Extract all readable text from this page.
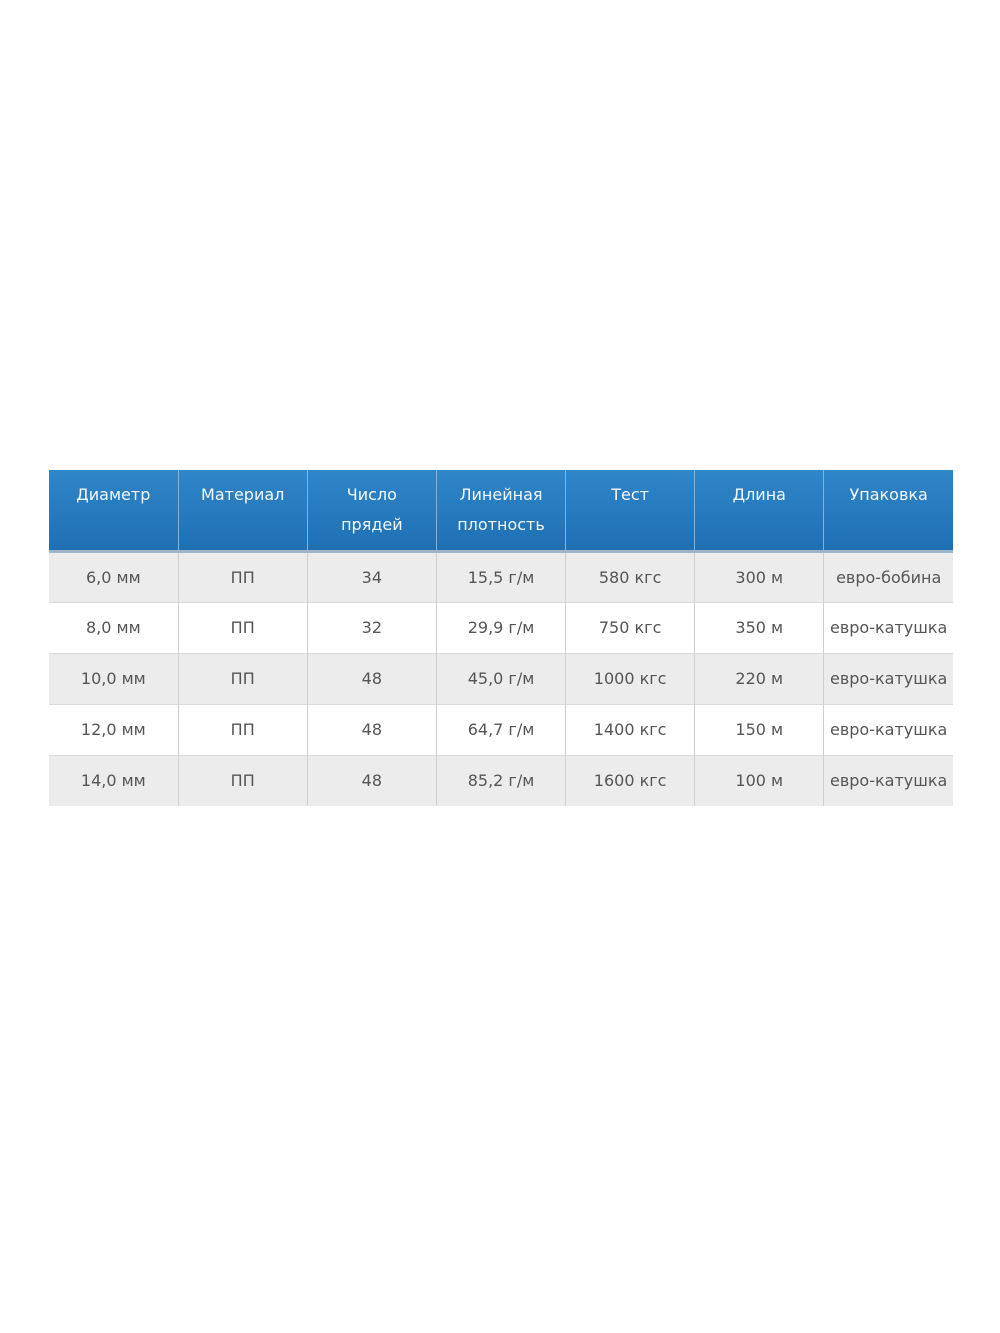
Диаметр	Материал	Число прядей	Линейная плотность	Тест	Длина	Упаковка
6,0 мм	ПП	34	15,5 г/м	580 кгс	300 м	евро-бобина
8,0 мм	ПП	32	29,9 г/м	750 кгс	350 м	евро-катушка
10,0 мм	ПП	48	45,0 г/м	1000 кгс	220 м	евро-катушка
12,0 мм	ПП	48	64,7 г/м	1400 кгс	150 м	евро-катушка
14,0 мм	ПП	48	85,2 г/м	1600 кгс	100 м	евро-катушка
